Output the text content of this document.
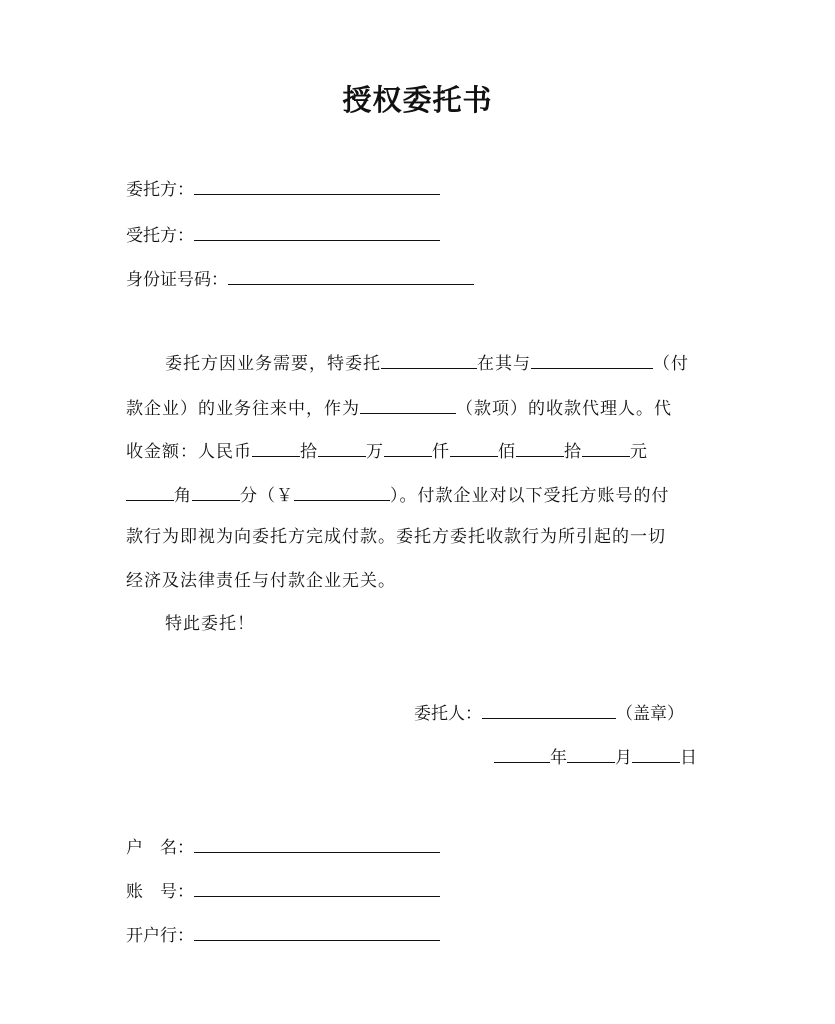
授权委托书
委托方：
受托方：
身份证号码：
委托方因业务需要，特委托	在其与	（付
款企业）的业务往来中，作为	（款项）的收款代理人。代
收金额：人民币	拾	万	仟	佰	拾	元
角	分（￥	）。付款企业对以下受托方账号的付
款行为即视为向委托方完成付款。委托方委托收款行为所引起的一切
经济及法律责任与付款企业无关。
特此委托！
委托人：	（盖章）
年	月	日
户　名：
账　号：
开户行：
